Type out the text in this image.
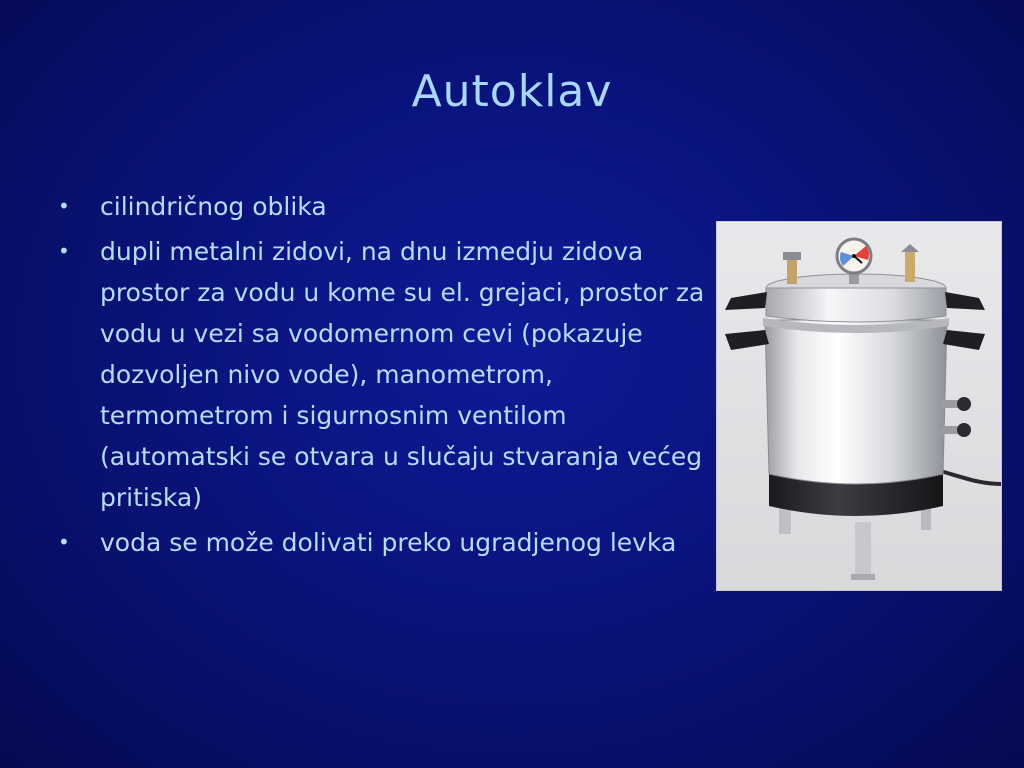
Autoklav
• cilindričnog oblika
• dupli metalni zidovi, na dnu izmedju zidova prostor za vodu u kome su el. grejaci, prostor za vodu u vezi sa vodomernom cevi (pokazuje dozvoljen nivo vode), manometrom, termometrom i sigurnosnim ventilom (automatski se otvara u slučaju stvaranja većeg pritiska)
• voda se može dolivati preko ugradjenog levka
